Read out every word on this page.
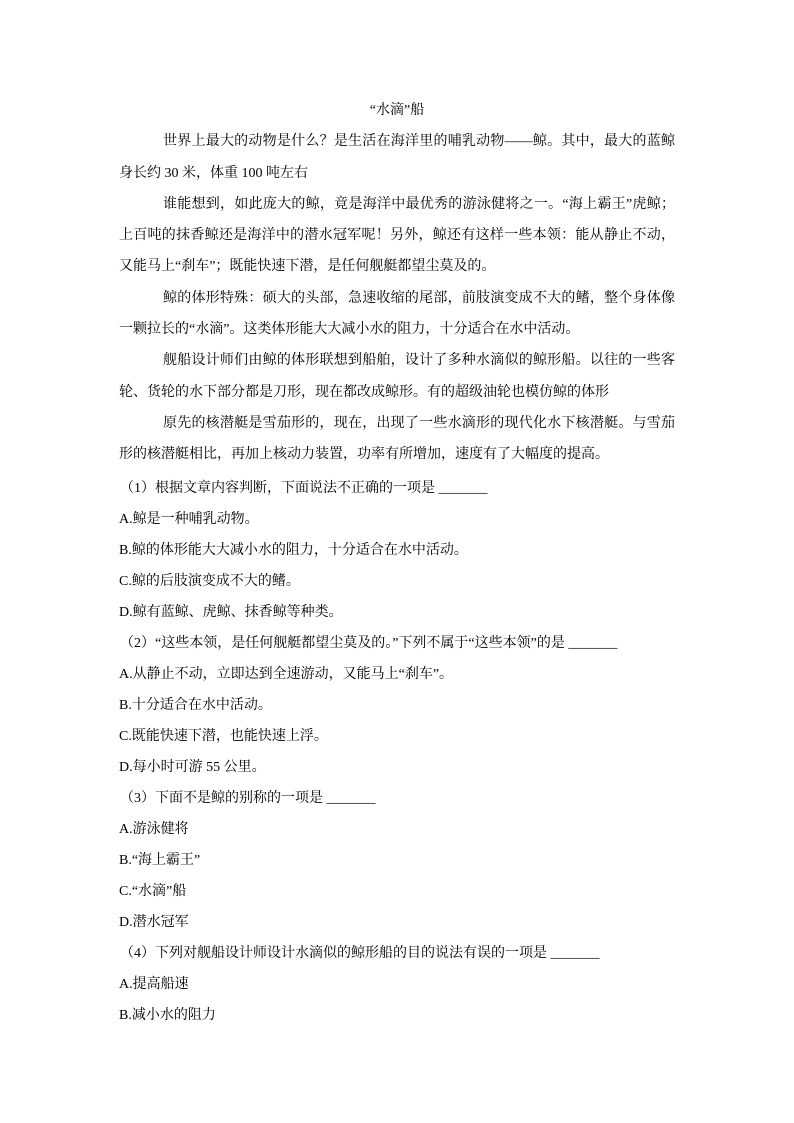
“水滴”船
世界上最大的动物是什么？是生活在海洋里的哺乳动物——鲸。其中，最大的蓝鲸
身长约 30 米，体重 100 吨左右
谁能想到，如此庞大的鲸，竟是海洋中最优秀的游泳健将之一。“海上霸王”虎鲸；
上百吨的抹香鲸还是海洋中的潜水冠军呢！另外，鲸还有这样一些本领：能从静止不动，
又能马上“刹车”；既能快速下潜，是任何舰艇都望尘莫及的。
鲸的体形特殊：硕大的头部，急速收缩的尾部，前肢演变成不大的鳍，整个身体像
一颗拉长的“水滴”。这类体形能大大减小水的阻力，十分适合在水中活动。
舰船设计师们由鲸的体形联想到船舶，设计了多种水滴似的鲸形船。以往的一些客
轮、货轮的水下部分都是刀形，现在都改成鲸形。有的超级油轮也模仿鲸的体形
原先的核潜艇是雪茄形的，现在，出现了一些水滴形的现代化水下核潜艇。与雪茄
形的核潜艇相比，再加上核动力装置，功率有所增加，速度有了大幅度的提高。
（1）根据文章内容判断，下面说法不正确的一项是 _______
A.鲸是一种哺乳动物。
B.鲸的体形能大大减小水的阻力，十分适合在水中活动。
C.鲸的后肢演变成不大的鳍。
D.鲸有蓝鲸、虎鲸、抹香鲸等种类。
（2）“这些本领，是任何舰艇都望尘莫及的。”下列不属于“这些本领”的是 _______
A.从静止不动，立即达到全速游动，又能马上“刹车”。
B.十分适合在水中活动。
C.既能快速下潜，也能快速上浮。
D.每小时可游 55 公里。
（3）下面不是鲸的别称的一项是 _______
A.游泳健将
B.“海上霸王”
C.“水滴”船
D.潜水冠军
（4）下列对舰船设计师设计水滴似的鲸形船的目的说法有误的一项是 _______
A.提高船速
B.减小水的阻力
